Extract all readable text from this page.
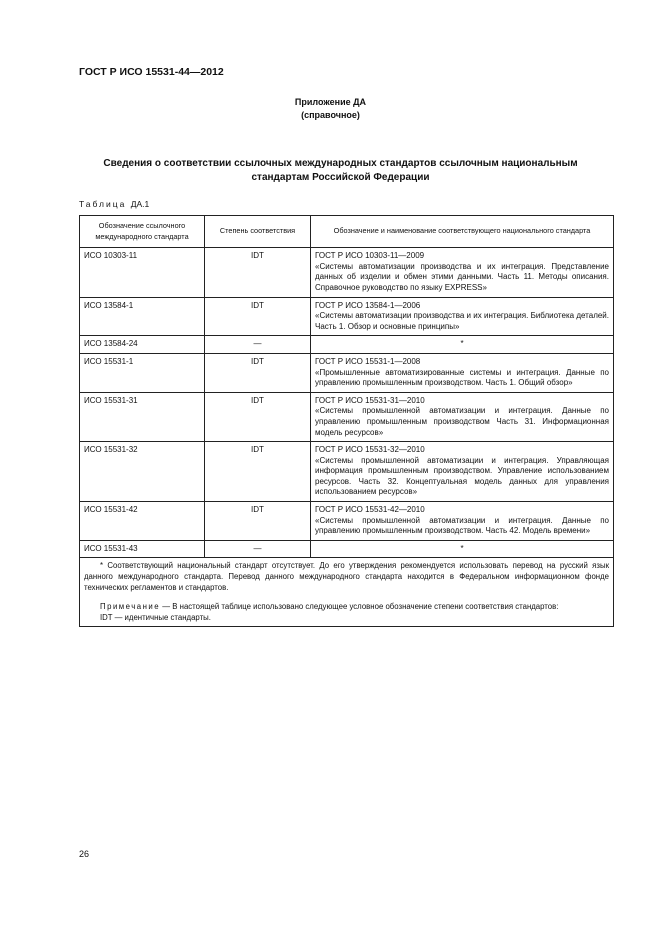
ГОСТ Р ИСО 15531-44—2012
Приложение ДА
(справочное)
Сведения о соответствии ссылочных международных стандартов ссылочным национальным
стандартам Российской Федерации
Таблица ДА.1
Обозначение ссылочного международного стандарта	Степень соответствия	Обозначение и наименование соответствующего национального стандарта
ИСО 10303-11	IDT	ГОСТ Р ИСО 10303-11—2009
«Системы автоматизации производства и их интеграция. Представление данных об изделии и обмен этими данными. Часть 11. Методы описания. Справочное руководство по языку EXPRESS»

ИСО 13584-1	IDT	ГОСТ Р ИСО 13584-1—2006
«Системы автоматизации производства и их интеграция. Библиотека деталей. Часть 1. Обзор и основные принципы»

ИСО 13584-24	—	*
ИСО 15531-1	IDT	ГОСТ Р ИСО 15531-1—2008
«Промышленные автоматизированные системы и интеграция. Данные по управлению промышленным производством. Часть 1. Общий обзор»

ИСО 15531-31	IDT	ГОСТ Р ИСО 15531-31—2010
«Системы промышленной автоматизации и интеграция. Данные по управлению промышленным производством Часть 31. Информационная модель ресурсов»

ИСО 15531-32	IDT	ГОСТ Р ИСО 15531-32—2010
«Системы промышленной автоматизации и интеграция. Управляющая информация промышленным производством. Управление использованием ресурсов. Часть 32. Концептуальная модель данных для управления использованием ресурсов»

ИСО 15531-42	IDT	ГОСТ Р ИСО 15531-42—2010
«Системы промышленной автоматизации и интеграция. Данные по управлению промышленным производством. Часть 42. Модель времени»

ИСО 15531-43	—	*

* Соответствующий национальный стандарт отсутствует. До его утверждения рекомендуется использовать перевод на русский язык данного международного стандарта. Перевод данного международного стандарта находится в Федеральном информационном фонде технических регламентов и стандартов.

Примечание — В настоящей таблице использовано следующее условное обозначение степени соответствия стандартов:

IDT — идентичные стандарты.		

26
